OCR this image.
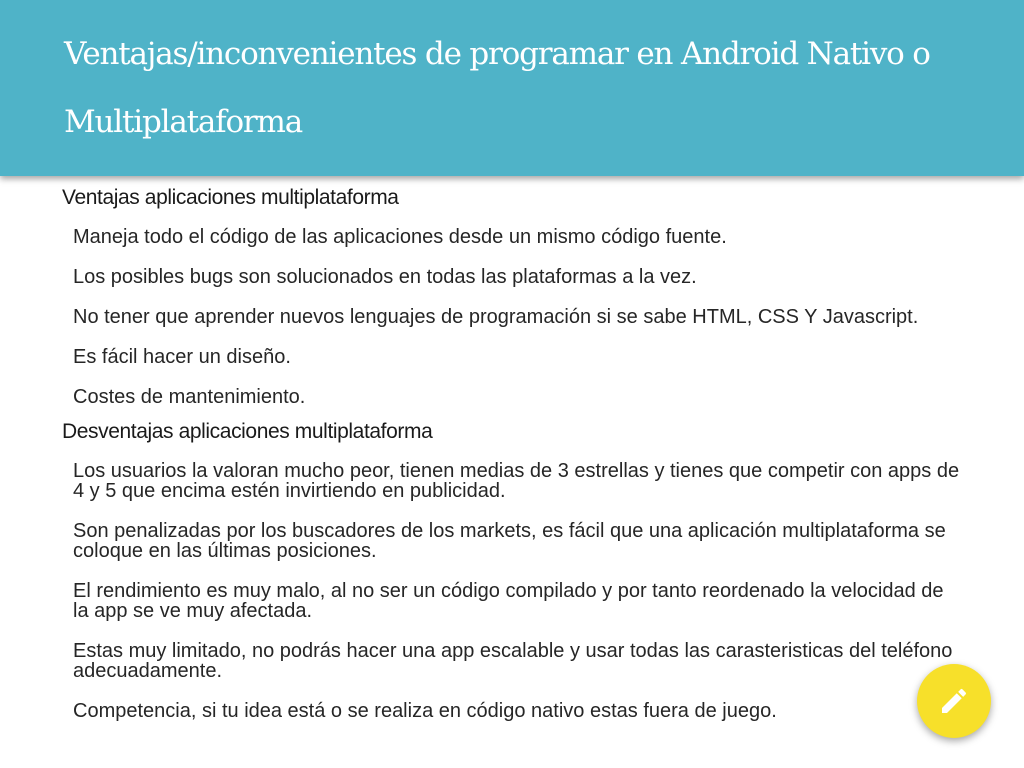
Ventajas/inconvenientes de programar en Android Nativo o Multiplataforma
Ventajas aplicaciones multiplataforma
Maneja todo el código de las aplicaciones desde un mismo código fuente.
Los posibles bugs son solucionados en todas las plataformas a la vez.
No tener que aprender nuevos lenguajes de programación si se sabe HTML, CSS Y Javascript.
Es fácil hacer un diseño.
Costes de mantenimiento.
Desventajas aplicaciones multiplataforma
Los usuarios la valoran mucho peor, tienen medias de 3 estrellas y tienes que competir con apps de 4 y 5 que encima estén invirtiendo en publicidad.
Son penalizadas por los buscadores de los markets, es fácil que una aplicación multiplataforma se coloque en las últimas posiciones.
El rendimiento es muy malo, al no ser un código compilado y por tanto reordenado la velocidad de la app se ve muy afectada.
Estas muy limitado, no podrás hacer una app escalable y usar todas las carasteristicas del teléfono adecuadamente.
Competencia, si tu idea está o se realiza en código nativo estas fuera de juego.
